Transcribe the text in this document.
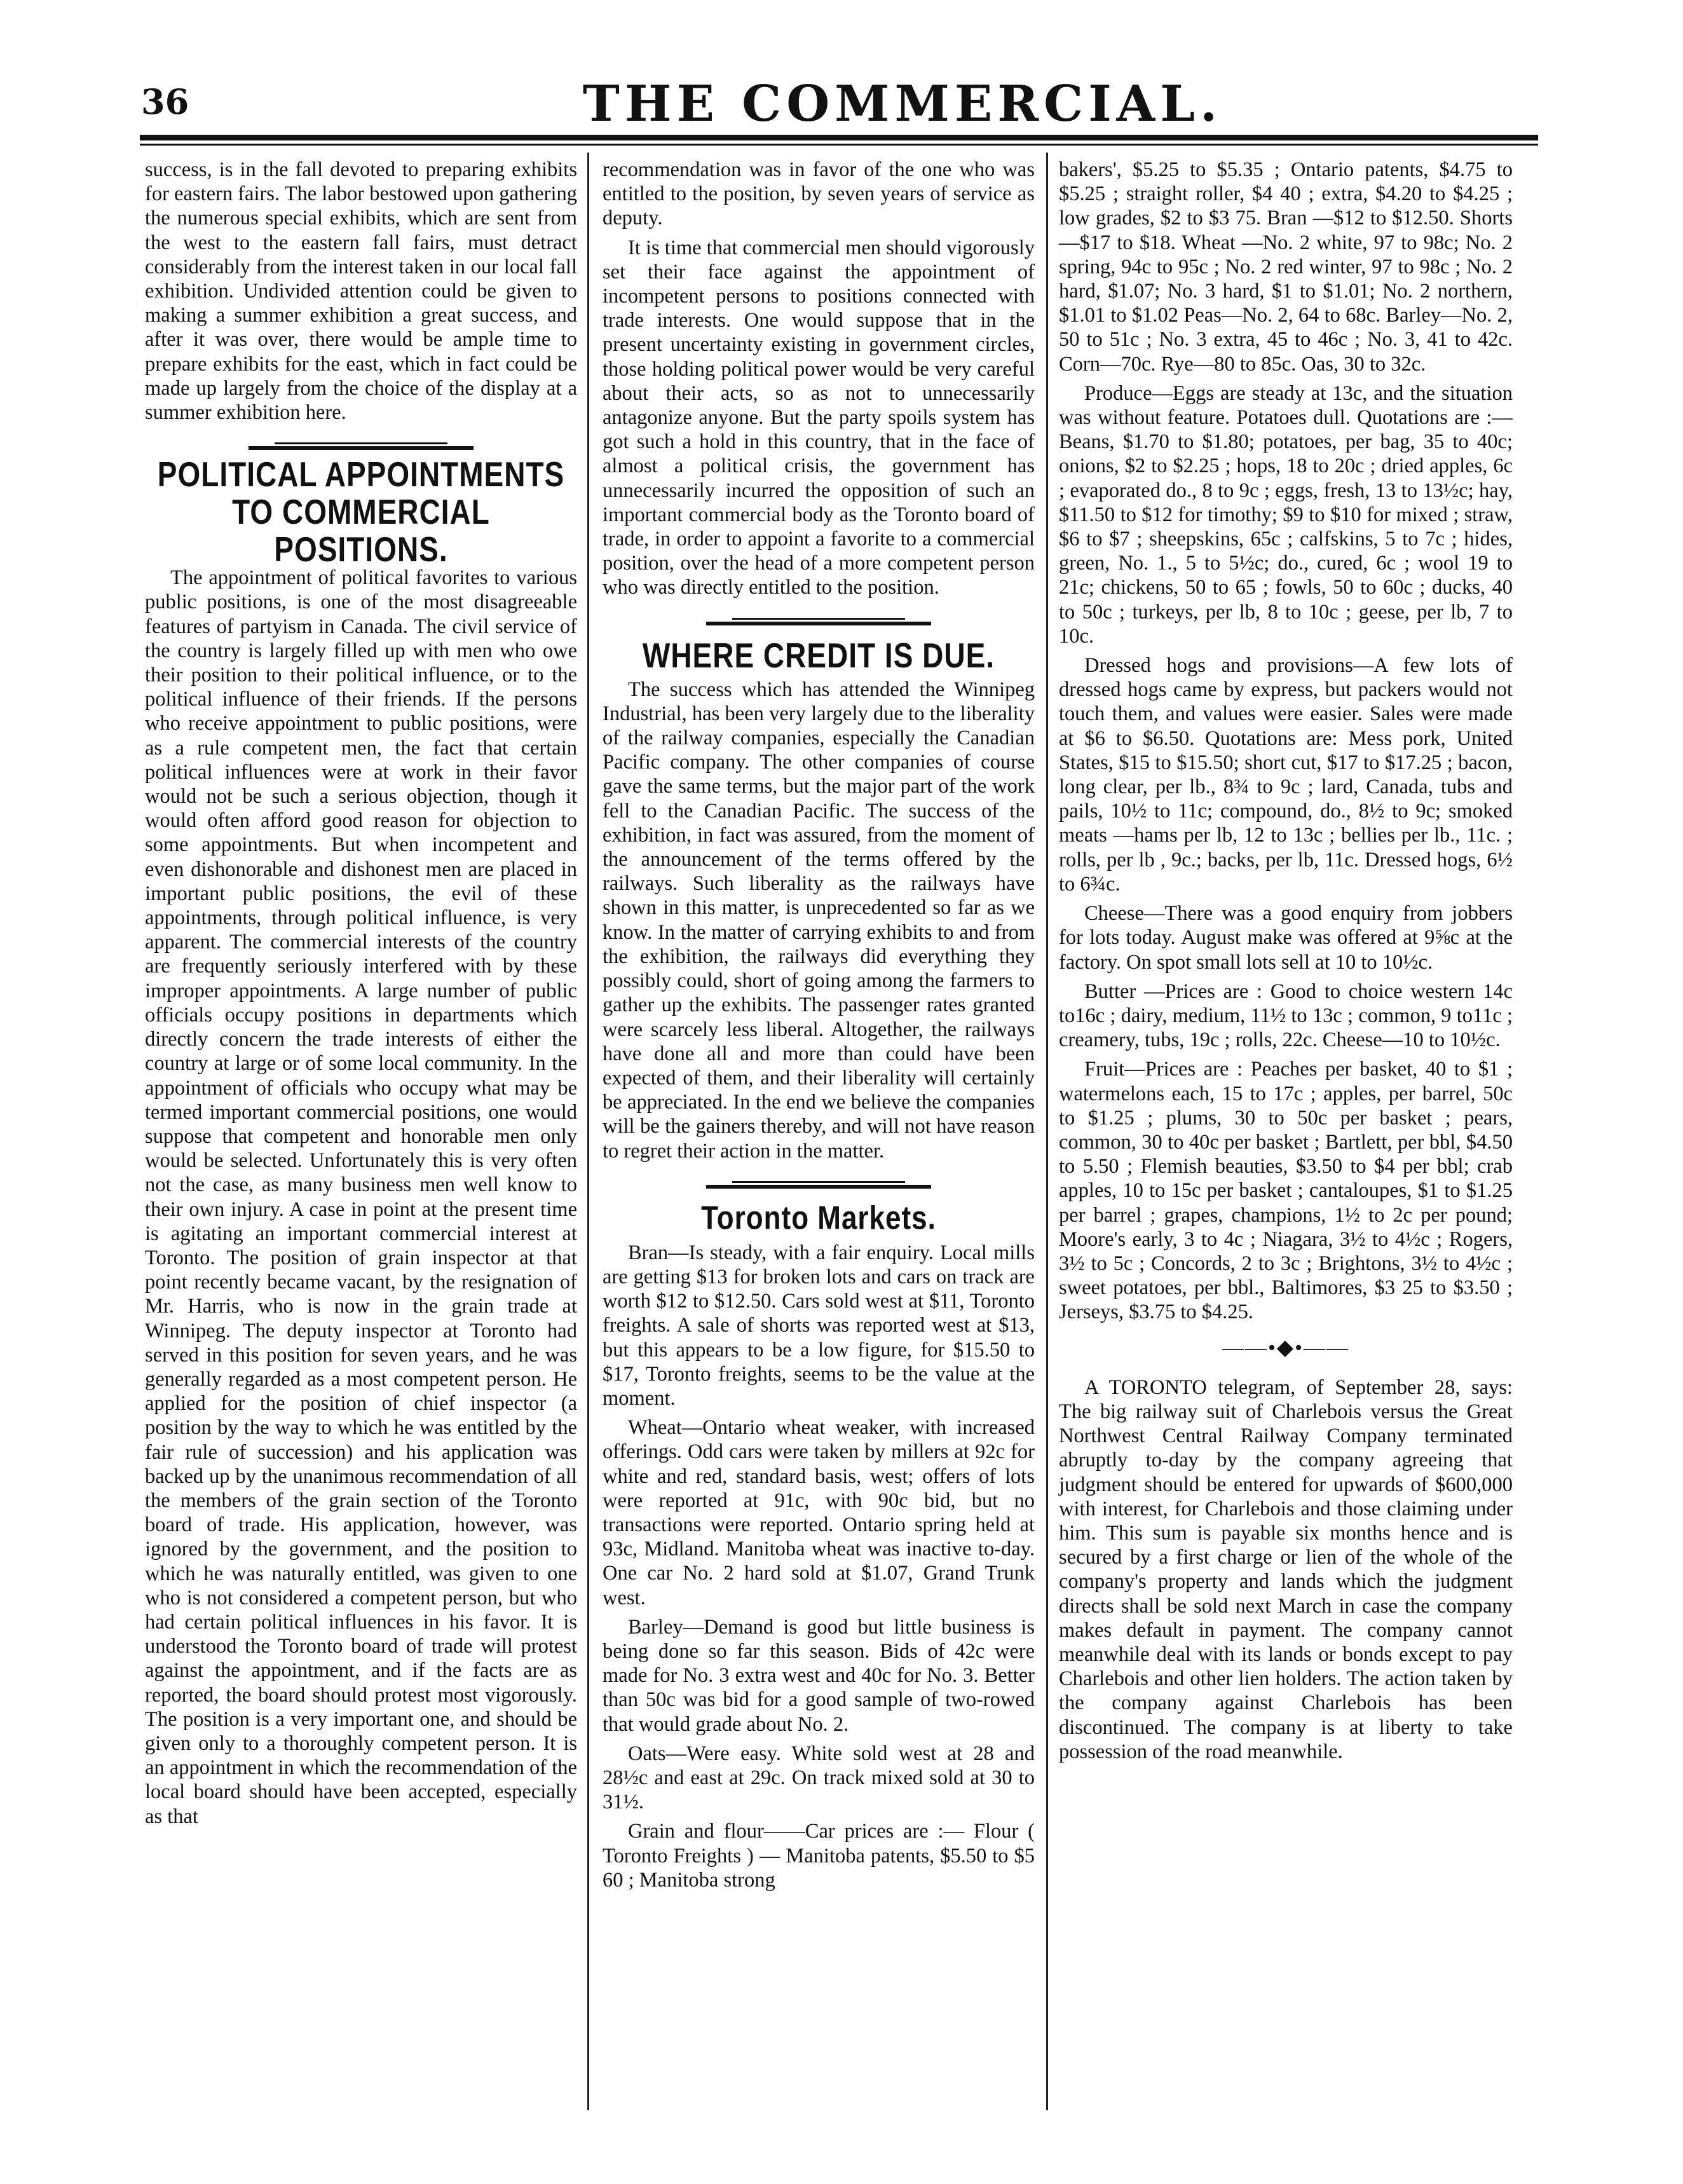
36	THE COMMERCIAL.

success, is in the fall devoted to preparing exhibits for eastern fairs. The labor bestowed upon gathering the numerous special exhibits, which are sent from the west to the eastern fall fairs, must detract considerably from the interest taken in our local fall exhibition. Undivided attention could be given to making a summer exhibition a great success, and after it was over, there would be ample time to prepare exhibits for the east, which in fact could be made up largely from the choice of the display at a summer exhibition here.

POLITICAL APPOINTMENTS TO COMMERCIAL POSITIONS.

The appointment of political favorites to various public positions, is one of the most disagreeable features of partyism in Canada. The civil service of the country is largely filled up with men who owe their position to their political influence, or to the political influence of their friends. If the persons who receive appointment to public positions, were as a rule competent men, the fact that certain political influences were at work in their favor would not be such a serious objection, though it would often afford good reason for objection to some appointments. But when incompetent and even dishonorable and dishonest men are placed in important public positions, the evil of these appointments, through political influence, is very apparent. The commercial interests of the country are frequently seriously interfered with by these improper appointments. A large number of public officials occupy positions in departments which directly concern the trade interests of either the country at large or of some local community. In the appointment of officials who occupy what may be termed important commercial positions, one would suppose that competent and honorable men only would be selected. Unfortunately this is very often not the case, as many business men well know to their own injury. A case in point at the present time is agitating an important commercial interest at Toronto. The position of grain inspector at that point recently became vacant, by the resignation of Mr. Harris, who is now in the grain trade at Winnipeg. The deputy inspector at Toronto had served in this position for seven years, and he was generally regarded as a most competent person. He applied for the position of chief inspector (a position by the way to which he was entitled by the fair rule of succession) and his application was backed up by the unanimous recommendation of all the members of the grain section of the Toronto board of trade. His application, however, was ignored by the government, and the position to which he was naturally entitled, was given to one who is not considered a competent person, but who had certain political influences in his favor. It is understood the Toronto board of trade will protest against the appointment, and if the facts are as reported, the board should protest most vigorously. The position is a very important one, and should be given only to a thoroughly competent person. It is an appointment in which the recommendation of the local board should have been accepted, especially as that

recommendation was in favor of the one who was entitled to the position, by seven years of service as deputy.

It is time that commercial men should vigorously set their face against the appointment of incompetent persons to positions connected with trade interests. One would suppose that in the present uncertainty existing in government circles, those holding political power would be very careful about their acts, so as not to unnecessarily antagonize anyone. But the party spoils system has got such a hold in this country, that in the face of almost a political crisis, the government has unnecessarily incurred the opposition of such an important commercial body as the Toronto board of trade, in order to appoint a favorite to a commercial position, over the head of a more competent person who was directly entitled to the position.

WHERE CREDIT IS DUE.

The success which has attended the Winnipeg Industrial, has been very largely due to the liberality of the railway companies, especially the Canadian Pacific company. The other companies of course gave the same terms, but the major part of the work fell to the Canadian Pacific. The success of the exhibition, in fact was assured, from the moment of the announcement of the terms offered by the railways. Such liberality as the railways have shown in this matter, is unprecedented so far as we know. In the matter of carrying exhibits to and from the exhibition, the railways did everything they possibly could, short of going among the farmers to gather up the exhibits. The passenger rates granted were scarcely less liberal. Altogether, the railways have done all and more than could have been expected of them, and their liberality will certainly be appreciated. In the end we believe the companies will be the gainers thereby, and will not have reason to regret their action in the matter.

Toronto Markets.

Bran—Is steady, with a fair enquiry. Local mills are getting $13 for broken lots and cars on track are worth $12 to $12.50. Cars sold west at $11, Toronto freights. A sale of shorts was reported west at $13, but this appears to be a low figure, for $15.50 to $17, Toronto freights, seems to be the value at the moment.

Wheat—Ontario wheat weaker, with increased offerings. Odd cars were taken by millers at 92c for white and red, standard basis, west; offers of lots were reported at 91c, with 90c bid, but no transactions were reported. Ontario spring held at 93c, Midland. Manitoba wheat was inactive to-day. One car No. 2 hard sold at $1.07, Grand Trunk west.

Barley—Demand is good but little business is being done so far this season. Bids of 42c were made for No. 3 extra west and 40c for No. 3. Better than 50c was bid for a good sample of two-rowed that would grade about No. 2.

Oats—Were easy. White sold west at 28 and 28½c and east at 29c. On track mixed sold at 30 to 31½.

Grain and flour——Car prices are :— Flour ( Toronto Freights ) — Manitoba patents, $5.50 to $5 60 ; Manitoba strong

bakers', $5.25 to $5.35 ; Ontario patents, $4.75 to $5.25 ; straight roller, $4 40 ; extra, $4.20 to $4.25 ; low grades, $2 to $3 75. Bran —$12 to $12.50. Shorts—$17 to $18. Wheat —No. 2 white, 97 to 98c; No. 2 spring, 94c to 95c ; No. 2 red winter, 97 to 98c ; No. 2 hard, $1.07; No. 3 hard, $1 to $1.01; No. 2 northern, $1.01 to $1.02 Peas—No. 2, 64 to 68c. Barley—No. 2, 50 to 51c ; No. 3 extra, 45 to 46c ; No. 3, 41 to 42c. Corn—70c. Rye—80 to 85c. Oas, 30 to 32c.

Produce—Eggs are steady at 13c, and the situation was without feature. Potatoes dull. Quotations are :— Beans, $1.70 to $1.80; potatoes, per bag, 35 to 40c; onions, $2 to $2.25 ; hops, 18 to 20c ; dried apples, 6c ; evaporated do., 8 to 9c ; eggs, fresh, 13 to 13½c; hay, $11.50 to $12 for timothy; $9 to $10 for mixed ; straw, $6 to $7 ; sheepskins, 65c ; calfskins, 5 to 7c ; hides, green, No. 1., 5 to 5½c; do., cured, 6c ; wool 19 to 21c; chickens, 50 to 65 ; fowls, 50 to 60c ; ducks, 40 to 50c ; turkeys, per lb, 8 to 10c ; geese, per lb, 7 to 10c.

Dressed hogs and provisions—A few lots of dressed hogs came by express, but packers would not touch them, and values were easier. Sales were made at $6 to $6.50. Quotations are: Mess pork, United States, $15 to $15.50; short cut, $17 to $17.25 ; bacon, long clear, per lb., 8¾ to 9c ; lard, Canada, tubs and pails, 10½ to 11c; compound, do., 8½ to 9c; smoked meats —hams per lb, 12 to 13c ; bellies per lb., 11c. ; rolls, per lb , 9c.; backs, per lb, 11c. Dressed hogs, 6½ to 6¾c.

Cheese—There was a good enquiry from jobbers for lots today. August make was offered at 9⅝c at the factory. On spot small lots sell at 10 to 10½c.

Butter —Prices are : Good to choice western 14c to16c ; dairy, medium, 11½ to 13c ; common, 9 to11c ; creamery, tubs, 19c ; rolls, 22c. Cheese—10 to 10½c.

Fruit—Prices are : Peaches per basket, 40 to $1 ; watermelons each, 15 to 17c ; apples, per barrel, 50c to $1.25 ; plums, 30 to 50c per basket ; pears, common, 30 to 40c per basket ; Bartlett, per bbl, $4.50 to 5.50 ; Flemish beauties, $3.50 to $4 per bbl; crab apples, 10 to 15c per basket ; cantaloupes, $1 to $1.25 per barrel ; grapes, champions, 1½ to 2c per pound; Moore's early, 3 to 4c ; Niagara, 3½ to 4½c ; Rogers, 3½ to 5c ; Concords, 2 to 3c ; Brightons, 3½ to 4½c ; sweet potatoes, per bbl., Baltimores, $3 25 to $3.50 ; Jerseys, $3.75 to $4.25.

——•◆•——

A TORONTO telegram, of September 28, says: The big railway suit of Charlebois versus the Great Northwest Central Railway Company terminated abruptly to-day by the company agreeing that judgment should be entered for upwards of $600,000 with interest, for Charlebois and those claiming under him. This sum is payable six months hence and is secured by a first charge or lien of the whole of the company's property and lands which the judgment directs shall be sold next March in case the company makes default in payment. The company cannot meanwhile deal with its lands or bonds except to pay Charlebois and other lien holders. The action taken by the company against Charlebois has been discontinued. The company is at liberty to take possession of the road meanwhile.
